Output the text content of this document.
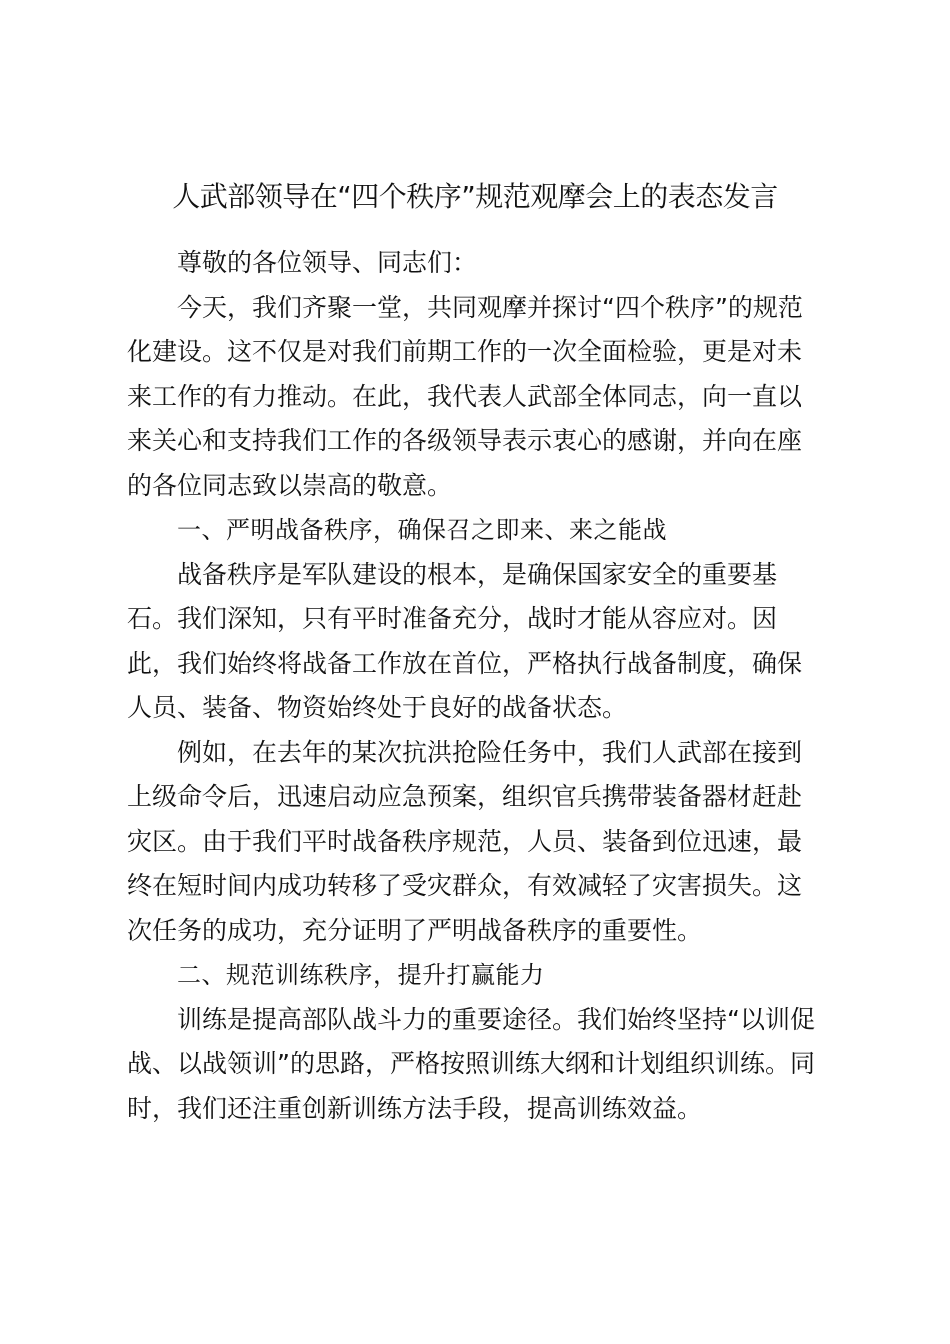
人武部领导在“四个秩序”规范观摩会上的表态发言
尊敬的各位领导、同志们：
今天，我们齐聚一堂，共同观摩并探讨“四个秩序”的规范
化建设。这不仅是对我们前期工作的一次全面检验，更是对未
来工作的有力推动。在此，我代表人武部全体同志，向一直以
来关心和支持我们工作的各级领导表示衷心的感谢，并向在座
的各位同志致以崇高的敬意。
一、严明战备秩序，确保召之即来、来之能战
战备秩序是军队建设的根本，是确保国家安全的重要基
石。我们深知，只有平时准备充分，战时才能从容应对。因
此，我们始终将战备工作放在首位，严格执行战备制度，确保
人员、装备、物资始终处于良好的战备状态。
例如，在去年的某次抗洪抢险任务中，我们人武部在接到
上级命令后，迅速启动应急预案，组织官兵携带装备器材赶赴
灾区。由于我们平时战备秩序规范，人员、装备到位迅速，最
终在短时间内成功转移了受灾群众，有效减轻了灾害损失。这
次任务的成功，充分证明了严明战备秩序的重要性。
二、规范训练秩序，提升打赢能力
训练是提高部队战斗力的重要途径。我们始终坚持“以训促
战、以战领训”的思路，严格按照训练大纲和计划组织训练。同
时，我们还注重创新训练方法手段，提高训练效益。
